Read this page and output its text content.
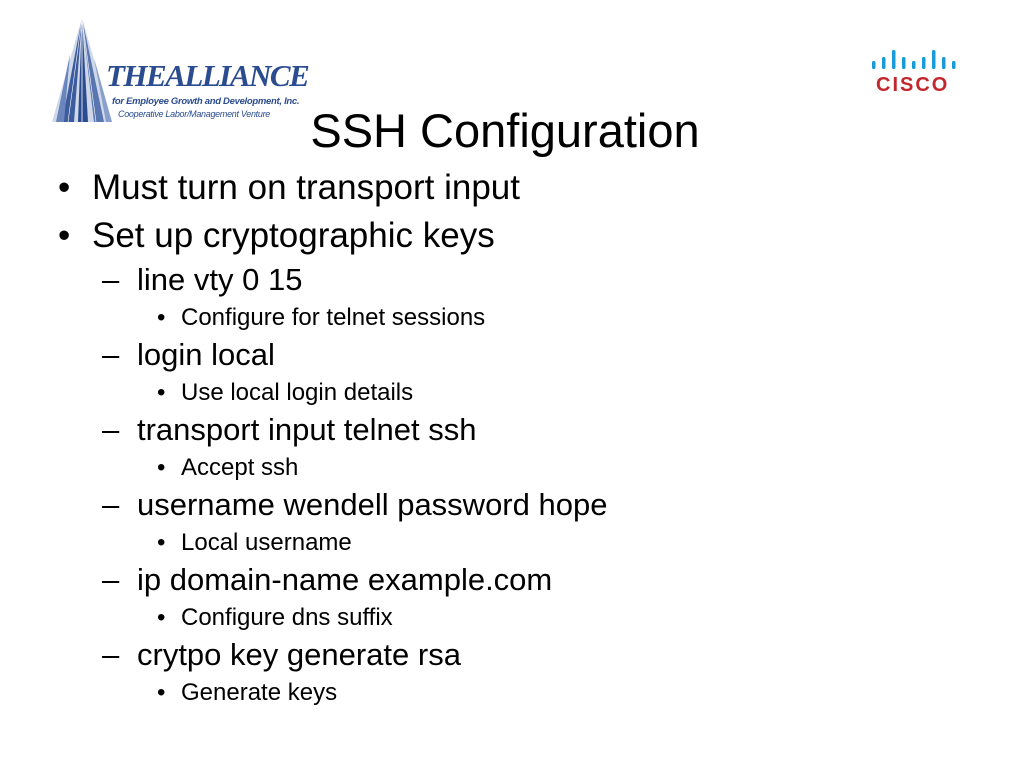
THEALLIANCE
for Employee Growth and Development, Inc.
Cooperative Labor/Management Venture
CISCO
SSH Configuration
• Must turn on transport input
• Set up cryptographic keys
– line vty 0 15
• Configure for telnet sessions
– login local
• Use local login details
– transport input telnet ssh
• Accept ssh
– username wendell password hope
• Local username
– ip domain-name example.com
• Configure dns suffix
– crytpo key generate rsa
• Generate keys
